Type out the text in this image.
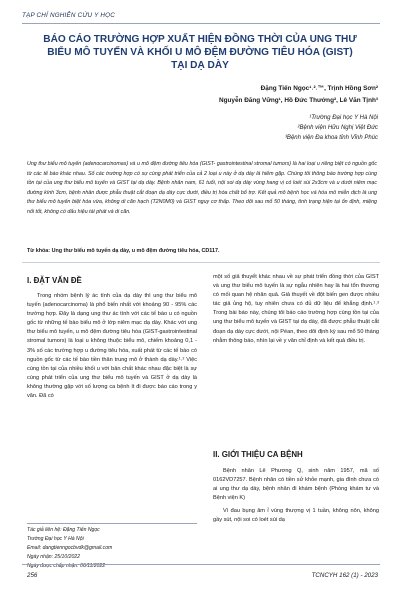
TẠP CHÍ NGHIÊN CỨU Y HỌC
BÁO CÁO TRƯỜNG HỢP XUẤT HIỆN ĐỒNG THỜI CỦA UNG THƯ BIỂU MÔ TUYẾN VÀ KHỐI U MÔ ĐỆM ĐƯỜNG TIÊU HÓA (GIST) TẠI DẠ DÀY
Đặng Tiến Ngọc¹˒²˒™, Trịnh Hồng Sơn²
Nguyễn Đăng Vững¹, Hồ Đức Thưởng², Lê Văn Tịnh³
¹Trường Đại học Y Hà Nội
²Bệnh viện Hữu Nghị Việt Đức
³Bệnh viện Đa khoa tỉnh Vĩnh Phúc

Ung thư biểu mô tuyến (adenocarcinomas) và u mô đệm đường tiêu hóa (GIST- gastrointestinal stromal tumors) là hai loại u riêng biệt có nguồn gốc từ các tế bào khác nhau. Số các trường hợp có sự cùng phát triển của cả 2 loại u này ở dạ dày là hiếm gặp. Chúng tôi thông báo trường hợp cùng tồn tại của ung thư biểu mô tuyến và GIST tại dạ dày. Bệnh nhân nam, 61 tuổi, nội soi dạ dày vùng hang vị có loét sùi 2x3cm và u dưới niêm mạc đường kính 3cm, bệnh nhân được phẫu thuật cắt đoạn dạ dày cực dưới, điều trị hóa chất bổ trợ. Kết quả mô bệnh học và hóa mô miễn dịch là ung thư biểu mô tuyến biệt hóa vừa, không di căn hạch (T2N0M0) và GIST nguy cơ thấp. Theo dõi sau mổ 50 tháng, tình trạng hiện tại ổn định, miệng nối tốt, không có dấu hiệu tái phát và di căn.

Từ khóa: Ung thư biểu mô tuyến dạ dày, u mô đệm đường tiêu hóa, CD117.

I. ĐẶT VẤN ĐỀ

Trong nhóm bệnh lý ác tính của dạ dày thì ung thư biểu mô tuyến (adenocarcinoma) là phổ biến nhất với khoảng 90 - 95% các trường hợp. Đây là dạng ung thư ác tính với các tế bào u có nguồn gốc từ những tế bào biểu mô ở lớp niêm mạc dạ dày. Khác với ung thư biểu mô tuyến, u mô đệm đường tiêu hóa (GIST-gastrointestinal stromal tumors) là loại u không thuộc biểu mô, chiếm khoảng 0,1 - 3% số các trường hợp u đường tiêu hóa, xuất phát từ các tế bào có nguồn gốc từ các tế bào tiền thân trung mô ở thành dạ dày.¹˒² Việc cùng tồn tại của nhiều khối u với bản chất khác nhau đặc biệt là sự cùng phát triển của ung thư biểu mô tuyến và GIST ở dạ dày là không thường gặp với số lượng ca bệnh ít đi được báo cáo trong y văn. Đã có

một số giả thuyết khác nhau về sự phát triển đồng thời của GIST và ung thư biểu mô tuyến là sự ngẫu nhiên hay là hai tổn thương có mối quan hệ nhân quả. Giả thuyết về đột biến gen được nhiều tác giả ủng hộ, tuy nhiên chưa có đủ dữ liệu để khẳng định.¹˒³ Trong bài báo này, chúng tôi báo cáo trường hợp cùng tồn tại của ung thư biểu mô tuyến và GIST tại dạ dày, đã được phẫu thuật cắt đoạn dạ dày cực dưới, nội Péan, theo dõi định kỳ sau mổ 50 tháng nhằm thông báo, nhìn lại về y văn chỉ định và kết quả điều trị.

II. GIỚI THIỆU CA BỆNH

Bệnh nhân Lê Phương Q, sinh năm 1957, mã số 0162VD7257. Bệnh nhân có tiền sử khỏe mạnh, gia đình chưa có ai ung thư dạ dày, bệnh nhân đi khám bệnh (Phòng khám tư và Bệnh viện K)

Vì đau bụng âm ỉ vùng thượng vị 1 tuần, không nôn, không gầy sút, nội soi có loét sùi dạ

Tác giả liên hệ: Đặng Tiến Ngọc
Trường Đại học Y Hà Nội
Email: dangtienngocbvdk@gmail.com
Ngày nhận: 25/10/2022
Ngày được chấp nhận: 06/11/2022
256	TCNCYH 162 (1) - 2023
